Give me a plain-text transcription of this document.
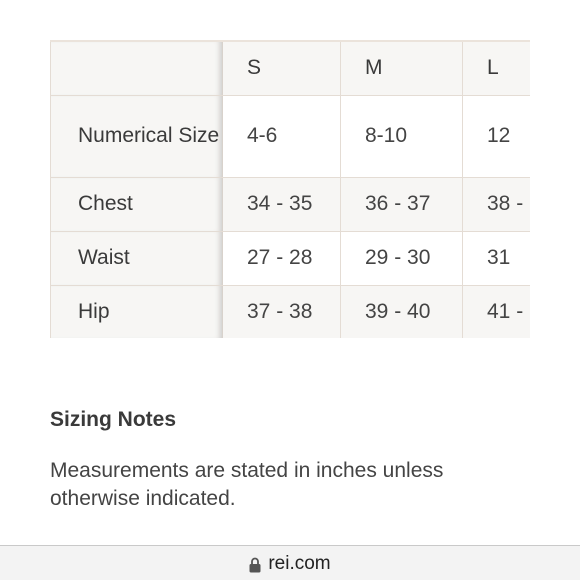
	S	M	L
Numerical Size	4-6	8-10	12
Chest	34 - 35	36 - 37	38 -
Waist	27 - 28	29 - 30	31
Hip	37 - 38	39 - 40	41 -
Sizing Notes

Measurements are stated in inches unless otherwise indicated.

rei.com
